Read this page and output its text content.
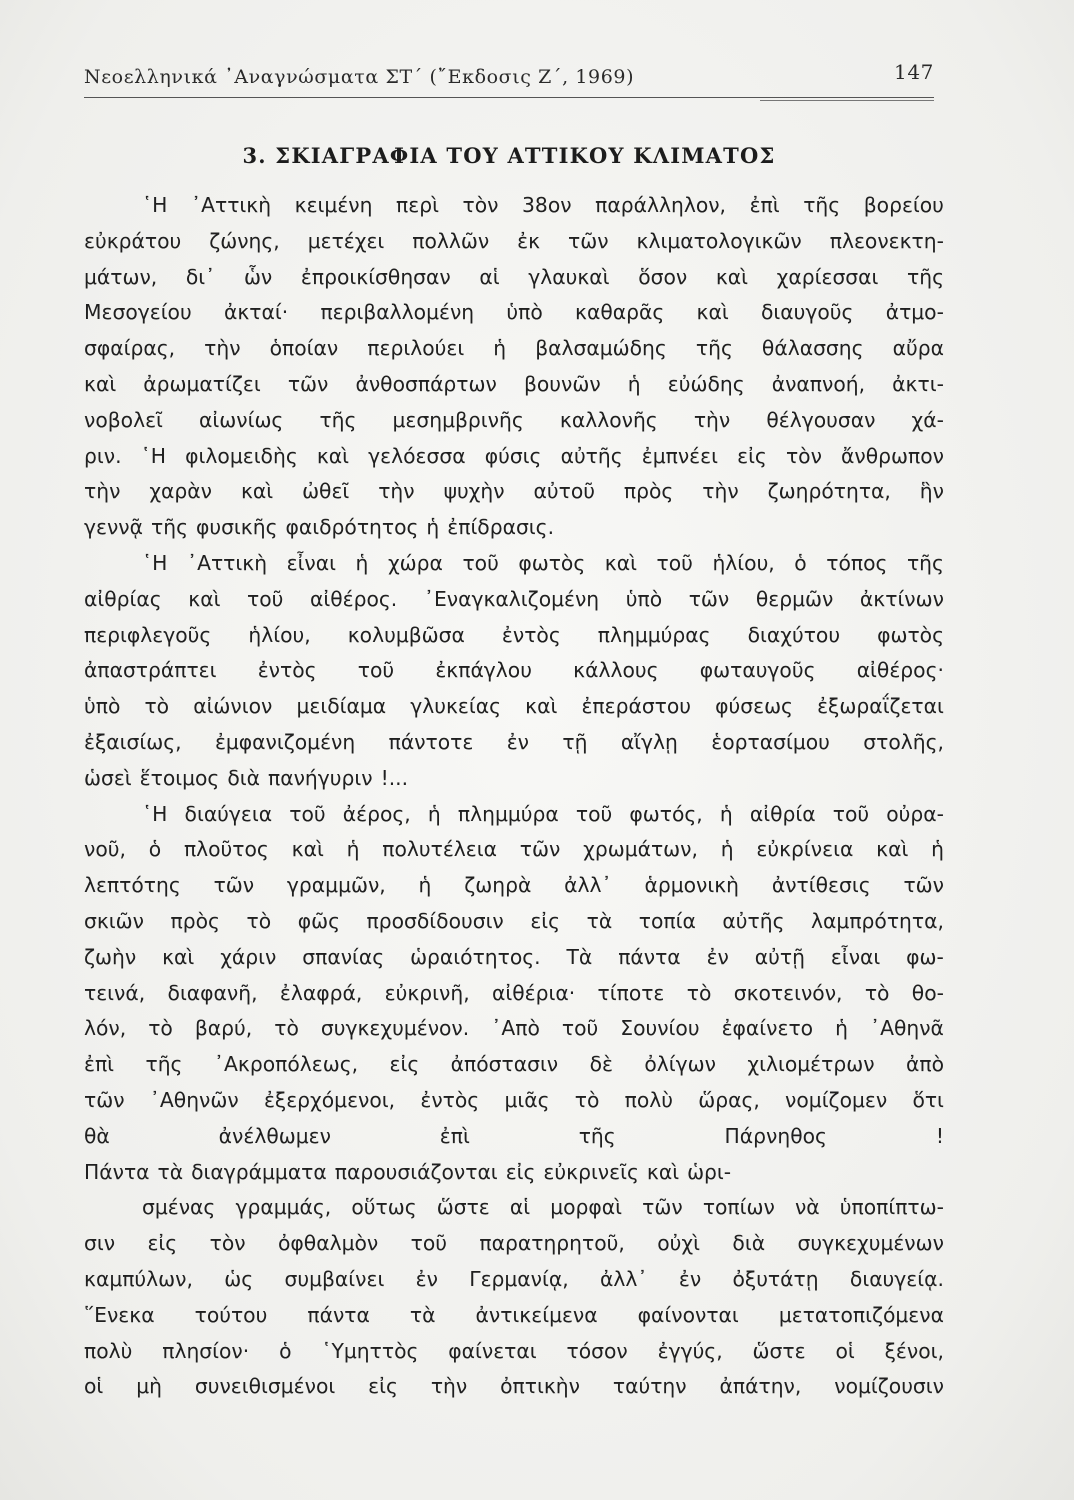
Νεοελληνικά ᾿Αναγνώσματα ΣΤ΄ (῎Εκδοσις Ζ΄, 1969)	147
3. ΣΚΙΑΓΡΑΦΙΑ ΤΟΥ ΑΤΤΙΚΟΥ ΚΛΙΜΑΤΟΣ
῾Η ᾿Αττικὴ κειμένη περὶ τὸν 38ον παράλληλον, ἐπὶ τῆς βορείου
εὐκράτου ζώνης, μετέχει πολλῶν ἐκ τῶν κλιματολογικῶν πλεονεκτη-
μάτων, δι᾿ ὧν ἐπροικίσθησαν αἱ γλαυκαὶ ὅσον καὶ χαρίεσσαι τῆς
Μεσογείου ἀκταί· περιβαλλομένη ὑπὸ καθαρᾶς καὶ διαυγοῦς ἀτμο-
σφαίρας, τὴν ὁποίαν περιλούει ἡ βαλσαμώδης τῆς θάλασσης αὔρα
καὶ ἀρωματίζει τῶν ἀνθοσπάρτων βουνῶν ἡ εὐώδης ἀναπνοή, ἀκτι-
νοβολεῖ αἰωνίως τῆς μεσημβρινῆς καλλονῆς τὴν θέλγουσαν χά-
ριν. ῾Η φιλομειδὴς καὶ γελόεσσα φύσις αὐτῆς ἐμπνέει εἰς τὸν ἄνθρωπον
τὴν χαρὰν καὶ ὠθεῖ τὴν ψυχὴν αὐτοῦ πρὸς τὴν ζωηρότητα, ἣν
γεννᾷ τῆς φυσικῆς φαιδρότητος ἡ ἐπίδρασις.
῾Η ᾿Αττικὴ εἶναι ἡ χώρα τοῦ φωτὸς καὶ τοῦ ἡλίου, ὁ τόπος τῆς
αἰθρίας καὶ τοῦ αἰθέρος. ᾿Εναγκαλιζομένη ὑπὸ τῶν θερμῶν ἀκτίνων
περιφλεγοῦς ἡλίου, κολυμβῶσα ἐντὸς πλημμύρας διαχύτου φωτὸς
ἀπαστράπτει ἐντὸς τοῦ ἐκπάγλου κάλλους φωταυγοῦς αἰθέρος·
ὑπὸ τὸ αἰώνιον μειδίαμα γλυκείας καὶ ἐπεράστου φύσεως ἐξωραΐζεται
ἐξαισίως, ἐμφανιζομένη πάντοτε ἐν τῇ αἴγλῃ ἑορτασίμου στολῆς,
ὡσεὶ ἕτοιμος διὰ πανήγυριν !...
῾Η διαύγεια τοῦ ἀέρος, ἡ πλημμύρα τοῦ φωτός, ἡ αἰθρία τοῦ οὐρα-
νοῦ, ὁ πλοῦτος καὶ ἡ πολυτέλεια τῶν χρωμάτων, ἡ εὐκρίνεια καὶ ἡ
λεπτότης τῶν γραμμῶν, ἡ ζωηρὰ ἀλλ᾿ ἁρμονικὴ ἀντίθεσις τῶν
σκιῶν πρὸς τὸ φῶς προσδίδουσιν εἰς τὰ τοπία αὐτῆς λαμπρότητα,
ζωὴν καὶ χάριν σπανίας ὡραιότητος. Τὰ πάντα ἐν αὐτῇ εἶναι φω-
τεινά, διαφανῆ, ἐλαφρά, εὐκρινῆ, αἰθέρια· τίποτε τὸ σκοτεινόν, τὸ θο-
λόν, τὸ βαρύ, τὸ συγκεχυμένον. ᾿Απὸ τοῦ Σουνίου ἐφαίνετο ἡ ᾿Αθηνᾶ
ἐπὶ τῆς ᾿Ακροπόλεως, εἰς ἀπόστασιν δὲ ὀλίγων χιλιομέτρων ἀπὸ
τῶν ᾿Αθηνῶν ἐξερχόμενοι, ἐντὸς μιᾶς τὸ πολὺ ὥρας, νομίζομεν ὅτι
θὰ	ἀνέλθωμεν	ἐπὶ	τῆς	Πάρνηθος	!
Πάντα τὰ διαγράμματα παρουσιάζονται εἰς εὐκρινεῖς καὶ ὡρι-
σμένας γραμμάς, οὕτως ὥστε αἱ μορφαὶ τῶν τοπίων νὰ ὑποπίπτω-
σιν εἰς τὸν ὀφθαλμὸν τοῦ παρατηρητοῦ, οὐχὶ διὰ συγκεχυμένων
καμπύλων, ὡς συμβαίνει ἐν Γερμανίᾳ, ἀλλ᾿ ἐν ὀξυτάτῃ διαυγείᾳ.
῞Ενεκα τούτου πάντα τὰ ἀντικείμενα φαίνονται μετατοπιζόμενα
πολὺ πλησίον· ὁ ῾Υμηττὸς φαίνεται τόσον ἐγγύς, ὥστε οἱ ξένοι,
οἱ μὴ συνειθισμένοι εἰς τὴν ὀπτικὴν ταύτην ἀπάτην, νομίζουσιν
